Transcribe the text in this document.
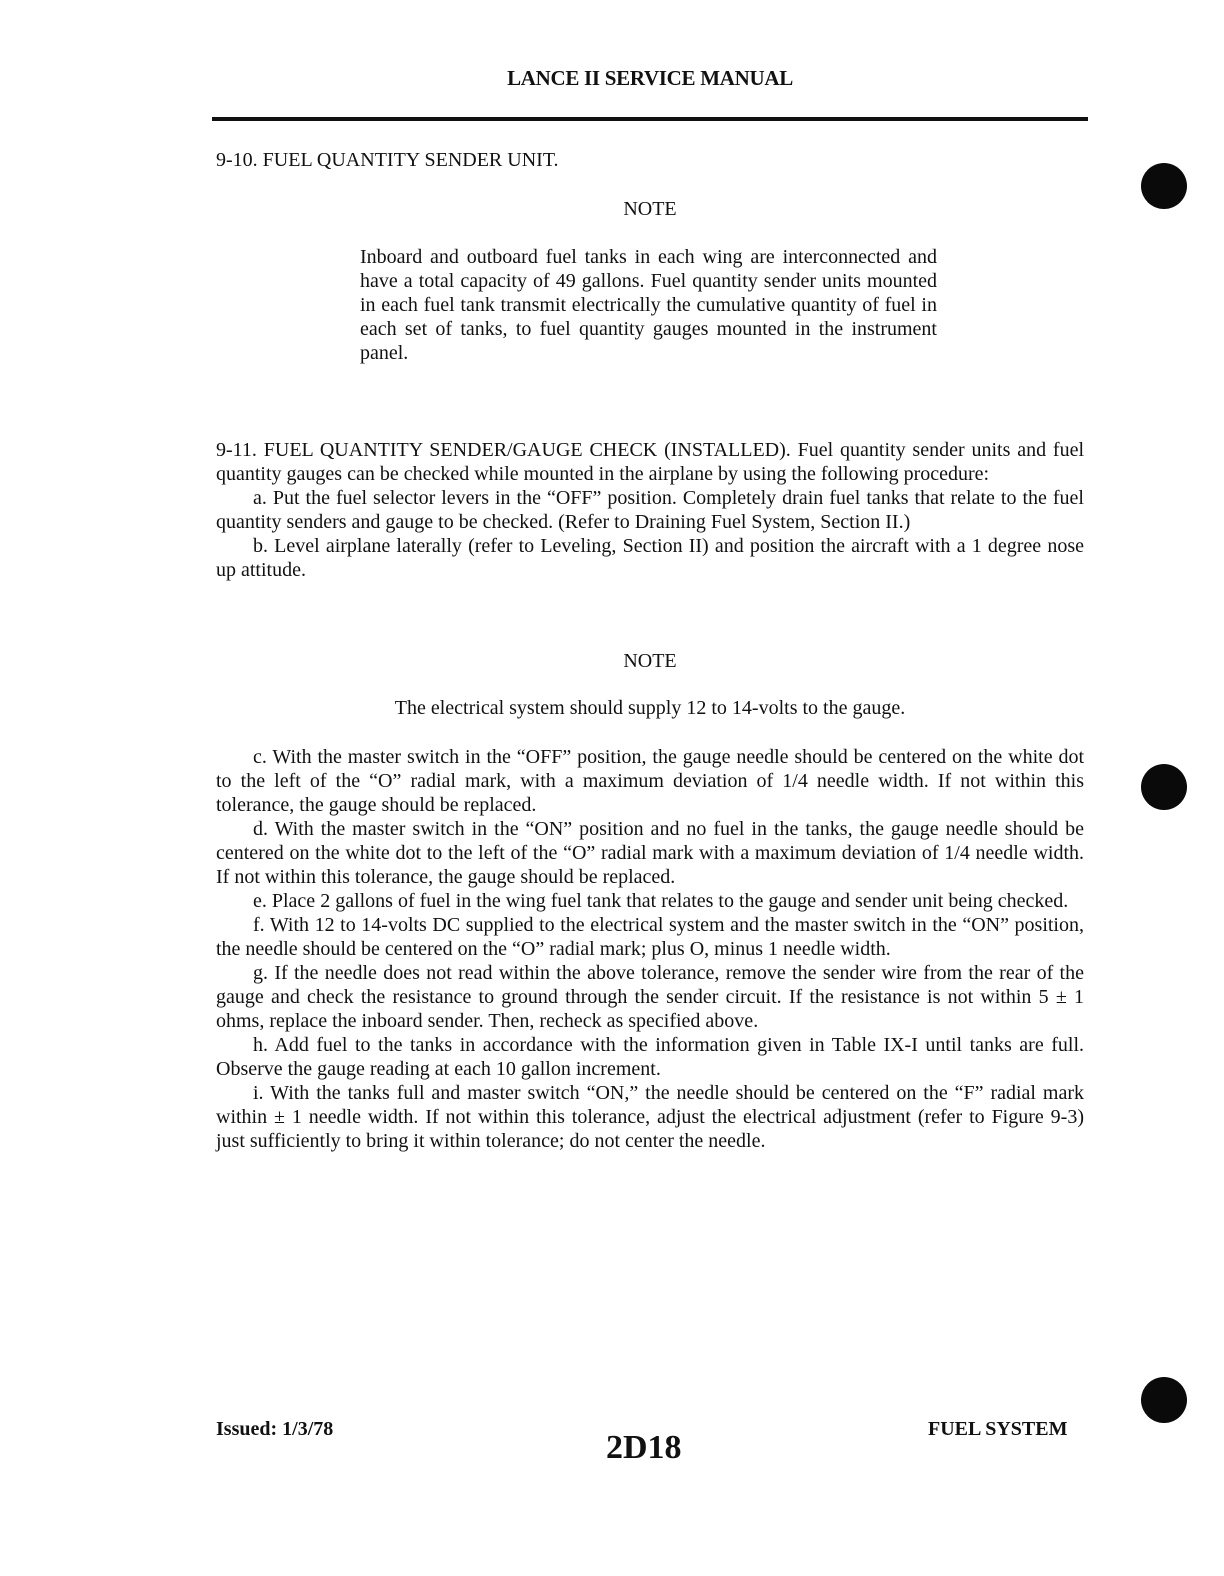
LANCE II SERVICE MANUAL
9-10. FUEL QUANTITY SENDER UNIT.
NOTE
Inboard and outboard fuel tanks in each wing are interconnected and have a total capacity of 49 gallons. Fuel quantity sender units mounted in each fuel tank transmit electrically the cumulative quantity of fuel in each set of tanks, to fuel quantity gauges mounted in the instrument panel.

9-11. FUEL QUANTITY SENDER/GAUGE CHECK (INSTALLED). Fuel quantity sender units and fuel quantity gauges can be checked while mounted in the airplane by using the following procedure:

a. Put the fuel selector levers in the “OFF” position. Completely drain fuel tanks that relate to the fuel quantity senders and gauge to be checked. (Refer to Draining Fuel System, Section II.)

b. Level airplane laterally (refer to Leveling, Section II) and position the aircraft with a 1 degree nose up attitude.

NOTE
The electrical system should supply 12 to 14-volts to the gauge.

c. With the master switch in the “OFF” position, the gauge needle should be centered on the white dot to the left of the “O” radial mark, with a maximum deviation of 1/4 needle width. If not within this tolerance, the gauge should be replaced.

d. With the master switch in the “ON” position and no fuel in the tanks, the gauge needle should be centered on the white dot to the left of the “O” radial mark with a maximum deviation of 1/4 needle width. If not within this tolerance, the gauge should be replaced.

e. Place 2 gallons of fuel in the wing fuel tank that relates to the gauge and sender unit being checked.

f. With 12 to 14-volts DC supplied to the electrical system and the master switch in the “ON” position, the needle should be centered on the “O” radial mark; plus O, minus 1 needle width.

g. If the needle does not read within the above tolerance, remove the sender wire from the rear of the gauge and check the resistance to ground through the sender circuit. If the resistance is not within 5 ± 1 ohms, replace the inboard sender. Then, recheck as specified above.

h. Add fuel to the tanks in accordance with the information given in Table IX-I until tanks are full. Observe the gauge reading at each 10 gallon increment.

i. With the tanks full and master switch “ON,” the needle should be centered on the “F” radial mark within ± 1 needle width. If not within this tolerance, adjust the electrical adjustment (refer to Figure 9-3) just sufficiently to bring it within tolerance; do not center the needle.

Issued: 1/3/78	2D18	FUEL SYSTEM
